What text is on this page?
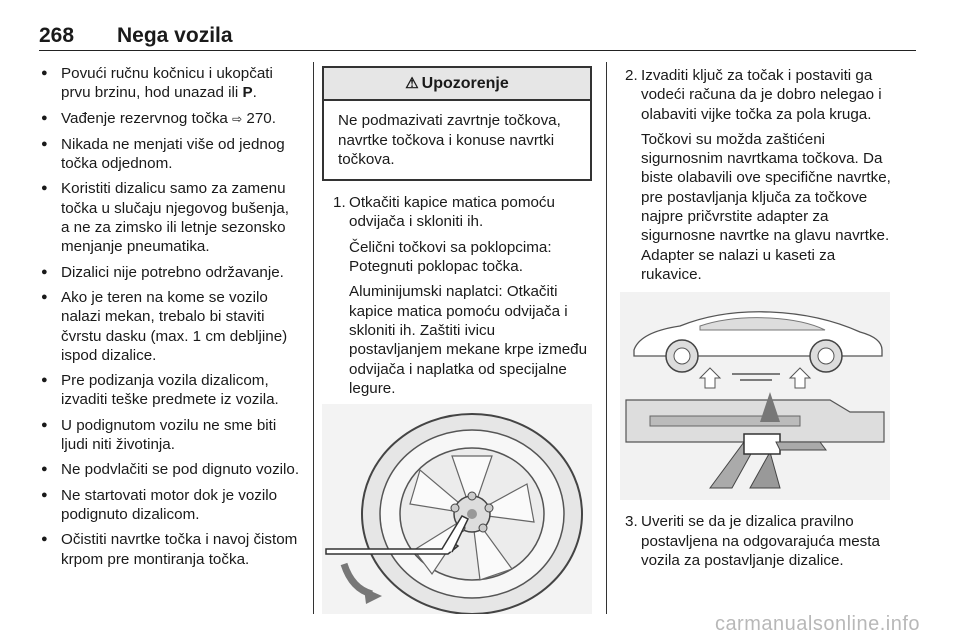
268 Nega vozila
● Povući ručnu kočnicu i ukopčati prvu brzinu, hod unazad ili P.
● Vađenje rezervnog točka ⇨ 270.
● Nikada ne menjati više od jednog točka odjednom.
● Koristiti dizalicu samo za zamenu točka u slučaju njegovog bušenja, a ne za zimsko ili letnje sezonsko menjanje pneumatika.
● Dizalici nije potrebno održavanje.
● Ako je teren na kome se vozilo nalazi mekan, trebalo bi staviti čvrstu dasku (max. 1 cm debljine) ispod dizalice.
● Pre podizanja vozila dizalicom, izvaditi teške predmete iz vozila.
● U podignutom vozilu ne sme biti ljudi niti životinja.
● Ne podvlačiti se pod dignuto vozilo.
● Ne startovati motor dok je vozilo podignuto dizalicom.
● Očistiti navrtke točka i navoj čistom krpom pre montiranja točka.
⚠ Upozorenje
Ne podmazivati zavrtnje točkova, navrtke točkova i konuse navrtki točkova.
1. Otkačiti kapice matica pomoću odvijača i skloniti ih.

Čelični točkovi sa poklopcima: Potegnuti poklopac točka.

Aluminijumski naplatci: Otkačiti kapice matica pomoću odvijača i skloniti ih. Zaštiti ivicu postavljanjem mekane krpe između odvijača i naplatka od specijalne legure.

2. Izvaditi ključ za točak i postaviti ga vodeći računa da je dobro nelegao i olabaviti vijke točka za pola kruga.

Točkovi su možda zaštićeni sigurnosnim navrtkama točkova. Da biste olabavili ove specifične navrtke, pre postavljanja ključa za točkove najpre pričvrstite adapter za sigurnosne navrtke na glavu navrtke. Adapter se nalazi u kaseti za rukavice.

3. Uveriti se da je dizalica pravilno postavljena na odgovarajuća mesta vozila za postavljanje dizalice.

carmanualsonline.info
